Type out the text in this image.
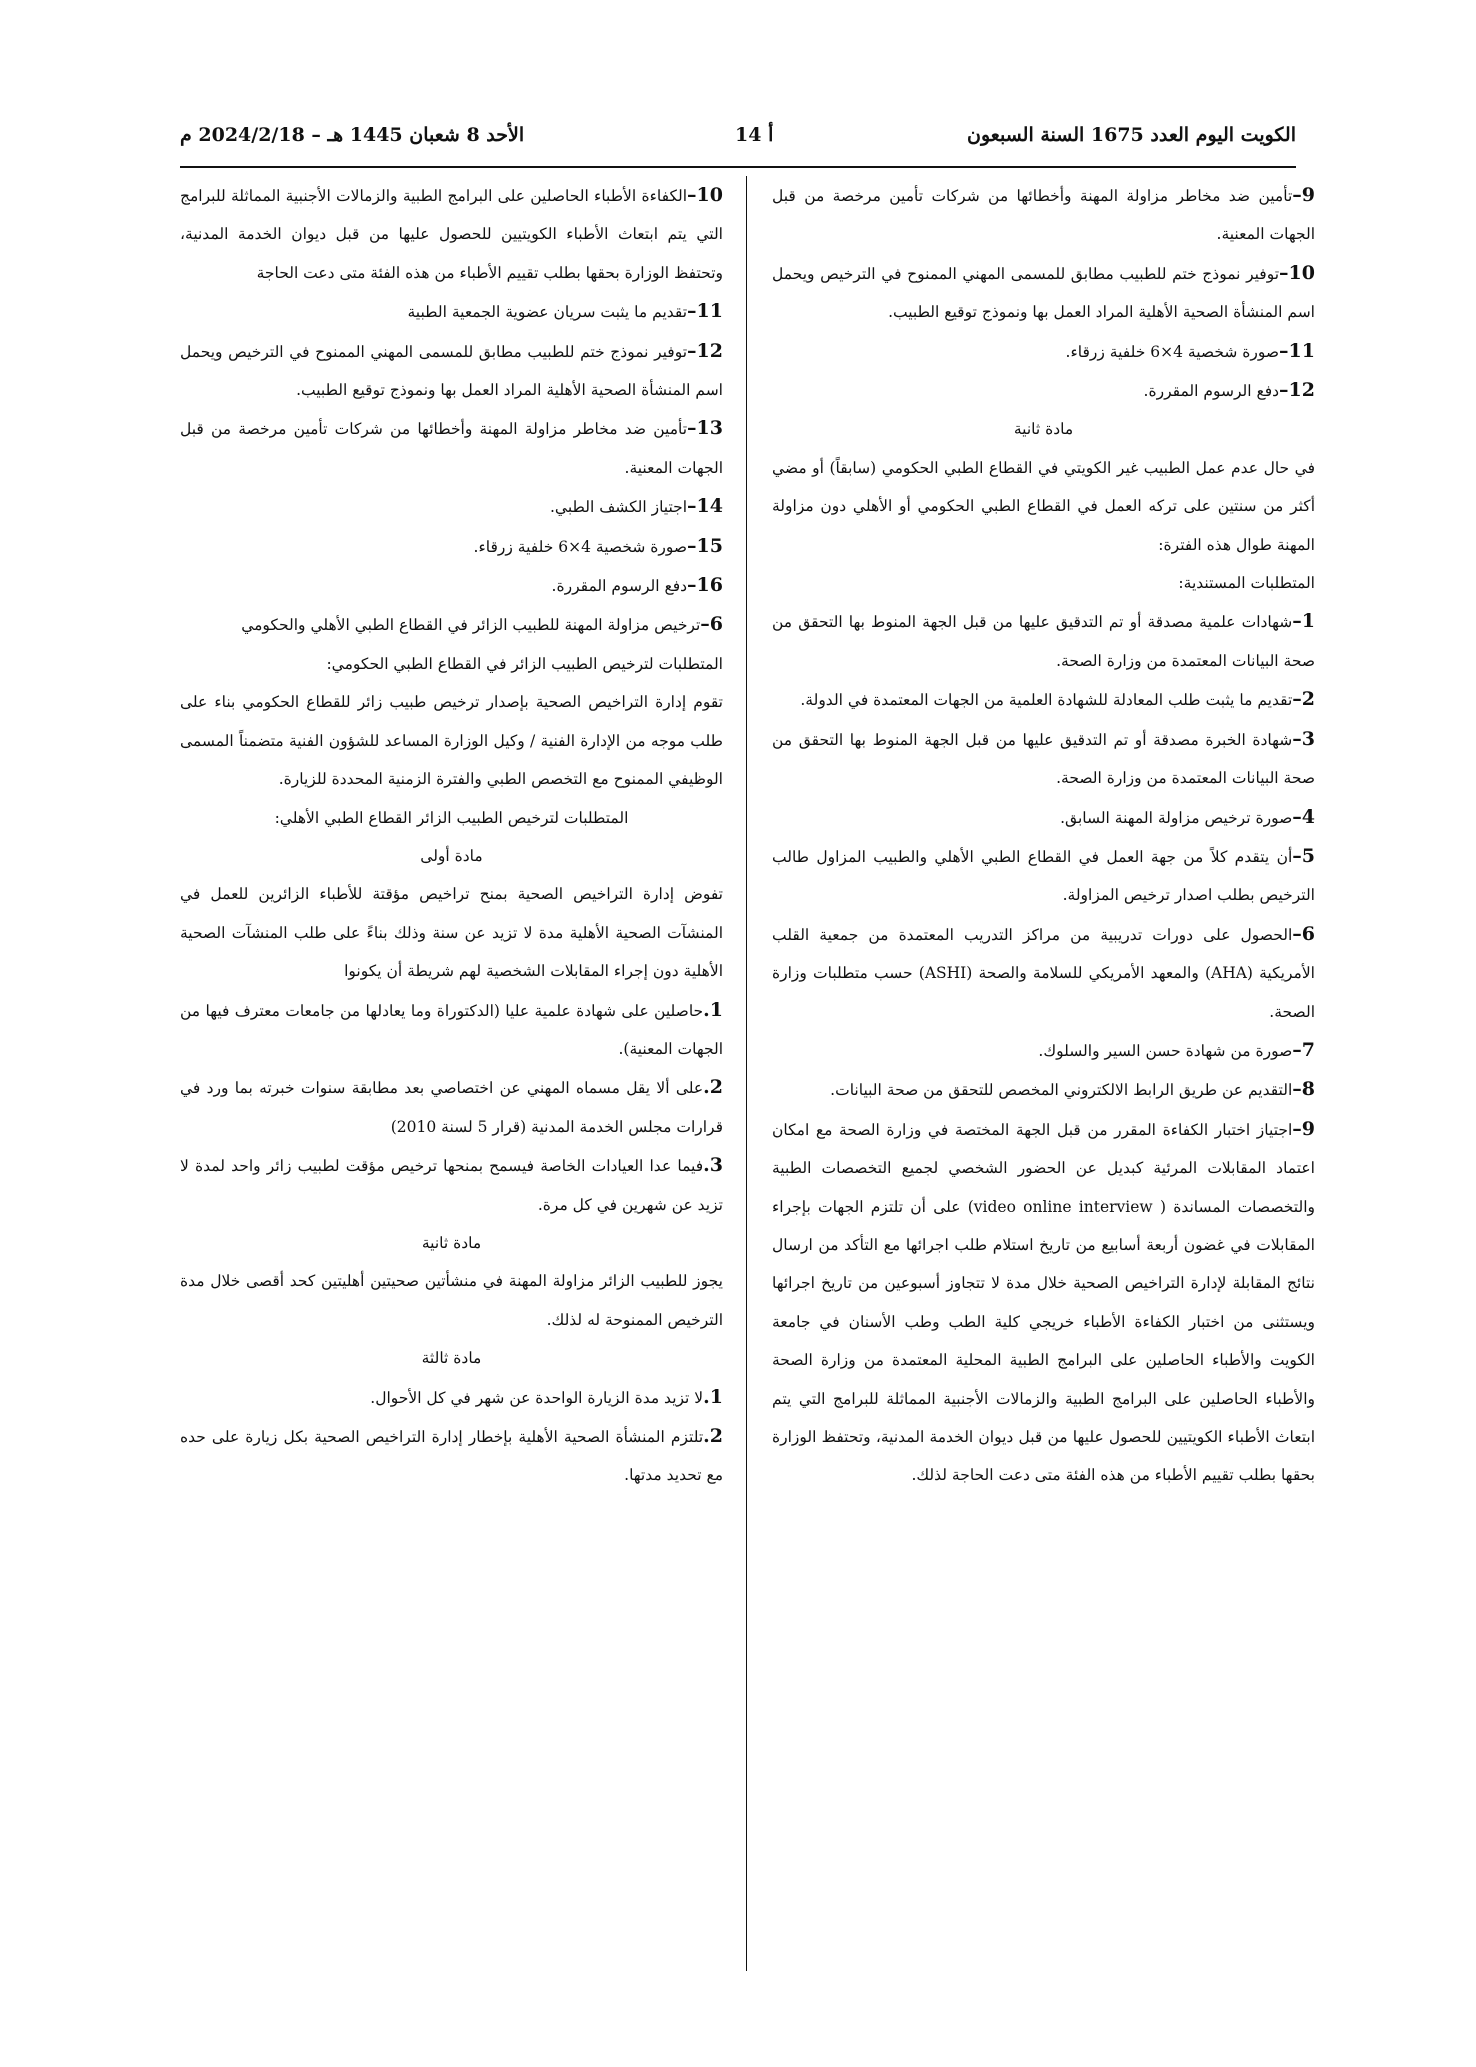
الكويت اليوم العدد 1675 السنة السبعون
أ 14
الأحد 8 شعبان 1445 هـ – 2024/2/18 م

9–تأمين ضد مخاطر مزاولة المهنة وأخطائها من شركات تأمين مرخصة من قبل الجهات المعنية.

10–توفير نموذج ختم للطبيب مطابق للمسمى المهني الممنوح في الترخيص ويحمل اسم المنشأة الصحية الأهلية المراد العمل بها ونموذج توقيع الطبيب.

11–صورة شخصية 4×6 خلفية زرقاء.

12–دفع الرسوم المقررة.

مادة ثانية

في حال عدم عمل الطبيب غير الكويتي في القطاع الطبي الحكومي (سابقاً) أو مضي أكثر من سنتين على تركه العمل في القطاع الطبي الحكومي أو الأهلي دون مزاولة المهنة طوال هذه الفترة:

المتطلبات المستندية:

1–شهادات علمية مصدقة أو تم التدقيق عليها من قبل الجهة المنوط بها التحقق من صحة البيانات المعتمدة من وزارة الصحة.

2–تقديم ما يثبت طلب المعادلة للشهادة العلمية من الجهات المعتمدة في الدولة.

3–شهادة الخبرة مصدقة أو تم التدقيق عليها من قبل الجهة المنوط بها التحقق من صحة البيانات المعتمدة من وزارة الصحة.

4–صورة ترخيص مزاولة المهنة السابق.

5–أن يتقدم كلاً من جهة العمل في القطاع الطبي الأهلي والطبيب المزاول طالب الترخيص بطلب اصدار ترخيص المزاولة.

6–الحصول على دورات تدريبية من مراكز التدريب المعتمدة من جمعية القلب الأمريكية (AHA) والمعهد الأمريكي للسلامة والصحة (ASHI) حسب متطلبات وزارة الصحة.

7–صورة من شهادة حسن السير والسلوك.

8–التقديم عن طريق الرابط الالكتروني المخصص للتحقق من صحة البيانات.

9–اجتياز اختبار الكفاءة المقرر من قبل الجهة المختصة في وزارة الصحة مع امكان اعتماد المقابلات المرئية كبديل عن الحضور الشخصي لجميع التخصصات الطبية والتخصصات المساندة ( video online interview) على أن تلتزم الجهات بإجراء المقابلات في غضون أربعة أسابيع من تاريخ استلام طلب اجرائها مع التأكد من ارسال نتائج المقابلة لإدارة التراخيص الصحية خلال مدة لا تتجاوز أسبوعين من تاريخ اجرائها ويستثنى من اختبار الكفاءة الأطباء خريجي كلية الطب وطب الأسنان في جامعة الكويت والأطباء الحاصلين على البرامج الطبية المحلية المعتمدة من وزارة الصحة والأطباء الحاصلين على البرامج الطبية والزمالات الأجنبية المماثلة للبرامج التي يتم ابتعاث الأطباء الكويتيين للحصول عليها من قبل ديوان الخدمة المدنية، وتحتفظ الوزارة بحقها بطلب تقييم الأطباء من هذه الفئة متى دعت الحاجة لذلك.

10–الكفاءة الأطباء الحاصلين على البرامج الطبية والزمالات الأجنبية المماثلة للبرامج التي يتم ابتعاث الأطباء الكويتيين للحصول عليها من قبل ديوان الخدمة المدنية، وتحتفظ الوزارة بحقها بطلب تقييم الأطباء من هذه الفئة متى دعت الحاجة

11–تقديم ما يثبت سريان عضوية الجمعية الطبية

12–توفير نموذج ختم للطبيب مطابق للمسمى المهني الممنوح في الترخيص ويحمل اسم المنشأة الصحية الأهلية المراد العمل بها ونموذج توقيع الطبيب.

13–تأمين ضد مخاطر مزاولة المهنة وأخطائها من شركات تأمين مرخصة من قبل الجهات المعنية.

14–اجتياز الكشف الطبي.

15–صورة شخصية 4×6 خلفية زرقاء.

16–دفع الرسوم المقررة.

6–ترخيص مزاولة المهنة للطبيب الزائر في القطاع الطبي الأهلي والحكومي

المتطلبات لترخيص الطبيب الزائر في القطاع الطبي الحكومي:

تقوم إدارة التراخيص الصحية بإصدار ترخيص طبيب زائر للقطاع الحكومي بناء على طلب موجه من الإدارة الفنية / وكيل الوزارة المساعد للشؤون الفنية متضمناً المسمى الوظيفي الممنوح مع التخصص الطبي والفترة الزمنية المحددة للزيارة.

المتطلبات لترخيص الطبيب الزائر القطاع الطبي الأهلي:

مادة أولى

تفوض إدارة التراخيص الصحية بمنح تراخيص مؤقتة للأطباء الزائرين للعمل في المنشآت الصحية الأهلية مدة لا تزيد عن سنة وذلك بناءً على طلب المنشآت الصحية الأهلية دون إجراء المقابلات الشخصية لهم شريطة أن يكونوا

1.حاصلين على شهادة علمية عليا (الدكتوراة وما يعادلها من جامعات معترف فيها من الجهات المعنية).

2.على ألا يقل مسماه المهني عن اختصاصي بعد مطابقة سنوات خبرته بما ورد في قرارات مجلس الخدمة المدنية (قرار 5 لسنة 2010)

3.فيما عدا العيادات الخاصة فيسمح بمنحها ترخيص مؤقت لطبيب زائر واحد لمدة لا تزيد عن شهرين في كل مرة.

مادة ثانية

يجوز للطبيب الزائر مزاولة المهنة في منشأتين صحيتين أهليتين كحد أقصى خلال مدة الترخيص الممنوحة له لذلك.

مادة ثالثة

1.لا تزيد مدة الزيارة الواحدة عن شهر في كل الأحوال.

2.تلتزم المنشأة الصحية الأهلية بإخطار إدارة التراخيص الصحية بكل زيارة على حده مع تحديد مدتها.
